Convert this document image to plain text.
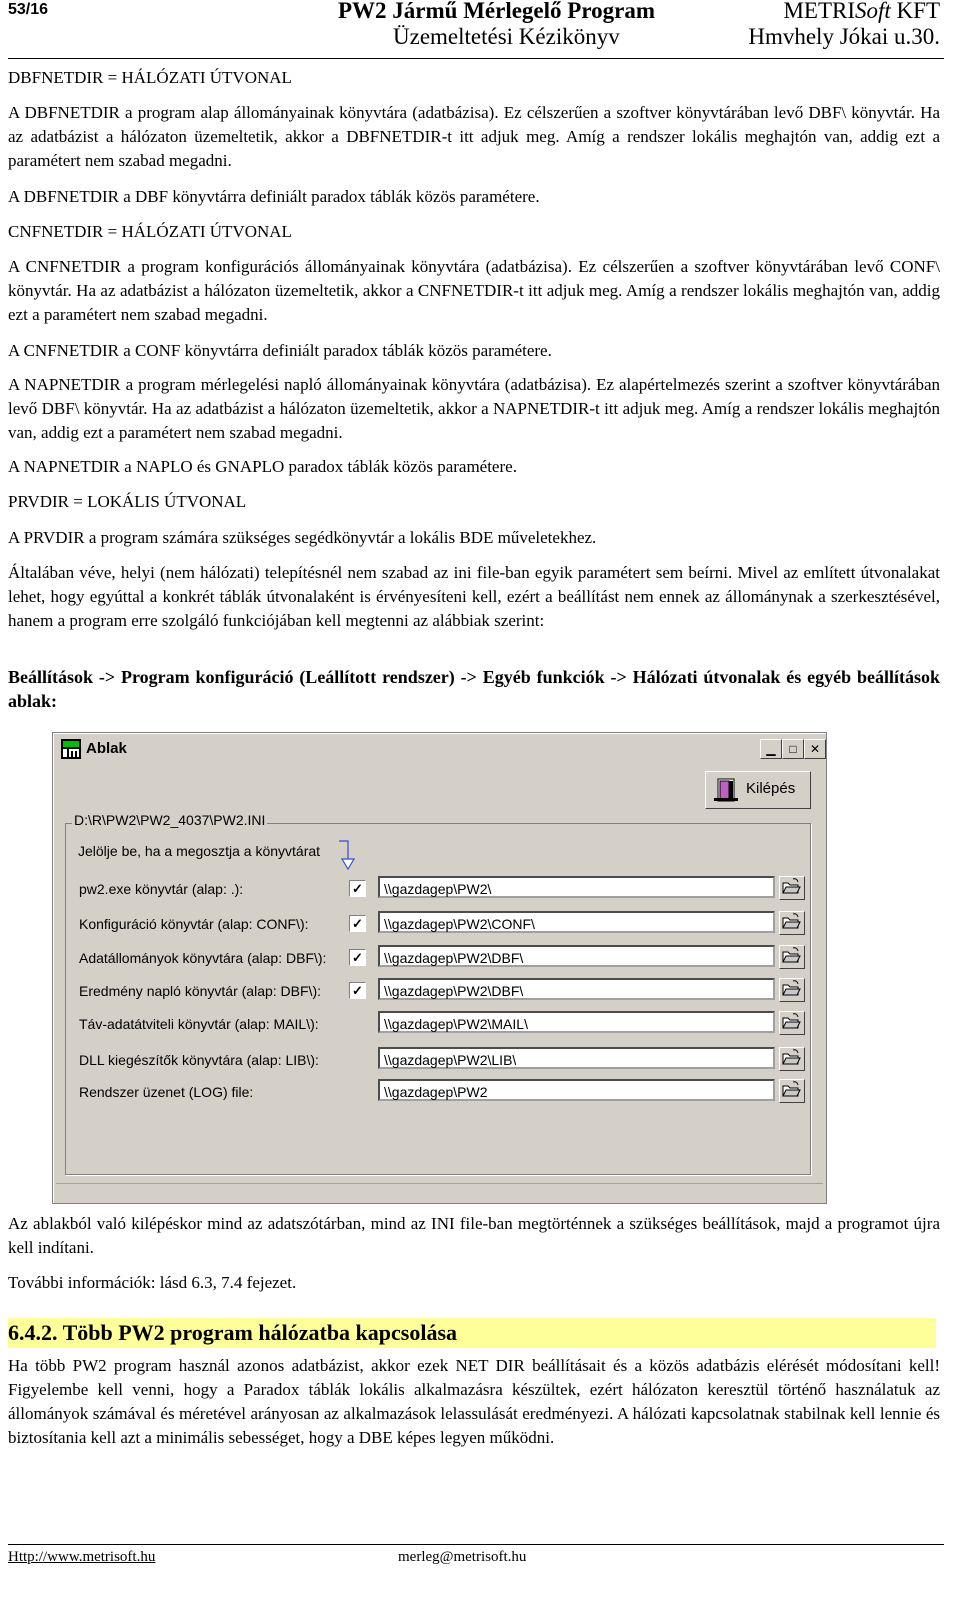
53/16	PW2 Jármű Mérlegelő Program
Üzemeltetési Kézikönyv
METRISoft KFT
Hmvhely Jókai u.30.

DBFNETDIR = HÁLÓZATI ÚTVONAL

A DBFNETDIR a program alap állományainak könyvtára (adatbázisa). Ez célszerűen a szoftver könyvtárában levő DBF\ könyvtár. Ha az adatbázist a hálózaton üzemeltetik, akkor a DBFNETDIR-t itt adjuk meg. Amíg a rendszer lokális meghajtón van, addig ezt a paramétert nem szabad megadni.

A DBFNETDIR a DBF könyvtárra definiált paradox táblák közös paramétere.

CNFNETDIR = HÁLÓZATI ÚTVONAL

A CNFNETDIR a program konfigurációs állományainak könyvtára (adatbázisa). Ez célszerűen a szoftver könyvtárában levő CONF\ könyvtár. Ha az adatbázist a hálózaton üzemeltetik, akkor a CNFNETDIR-t itt adjuk meg. Amíg a rendszer lokális meghajtón van, addig ezt a paramétert nem szabad megadni.

A CNFNETDIR a CONF könyvtárra definiált paradox táblák közös paramétere.

A NAPNETDIR a program mérlegelési napló állományainak könyvtára (adatbázisa). Ez alapértelmezés szerint a szoftver könyvtárában levő DBF\ könyvtár. Ha az adatbázist a hálózaton üzemeltetik, akkor a NAPNETDIR-t itt adjuk meg. Amíg a rendszer lokális meghajtón van, addig ezt a paramétert nem szabad megadni.

A NAPNETDIR a NAPLO és GNAPLO paradox táblák közös paramétere.

PRVDIR = LOKÁLIS ÚTVONAL

A PRVDIR a program számára szükséges segédkönyvtár a lokális BDE műveletekhez.

Általában véve, helyi (nem hálózati) telepítésnél nem szabad az ini file-ban egyik paramétert sem beírni. Mivel az említett útvonalakat lehet, hogy egyúttal a konkrét táblák útvonalaként is érvényesíteni kell, ezért a beállítást nem ennek az állománynak a szerkesztésével, hanem a program erre szolgáló funkciójában kell megtenni az alábbiak szerint:

Beállítások -> Program konfiguráció (Leállított rendszer) -> Egyéb funkciók -> Hálózati útvonalak és egyéb beállítások ablak:

Ablak	▁	□	✕
Kilépés
D:\R\PW2\PW2_4037\PW2.INI
Jelölje be, ha a megosztja a könyvtárat
pw2.exe könyvtár (alap: .):	✓	\\gazdagep\PW2\
Konfiguráció könyvtár (alap: CONF\):	✓	\\gazdagep\PW2\CONF\
Adatállományok könyvtára (alap: DBF\): ✓	\\gazdagep\PW2\DBF\
Eredmény napló könyvtár (alap: DBF\): ✓	\\gazdagep\PW2\DBF\
Táv-adatátviteli könyvtár (alap: MAIL\):	\\gazdagep\PW2\MAIL\
DLL kiegészítők könyvtára (alap: LIB\):	\\gazdagep\PW2\LIB\
Rendszer üzenet (LOG) file:	\\gazdagep\PW2

Az ablakból való kilépéskor mind az adatszótárban, mind az INI file-ban megtörténnek a szükséges beállítások, majd a programot újra kell indítani.

További információk: lásd 6.3, 7.4 fejezet.

6.4.2. Több PW2 program hálózatba kapcsolása

Ha több PW2 program használ azonos adatbázist, akkor ezek NET DIR beállításait és a közös adatbázis elérését módosítani kell! Figyelembe kell venni, hogy a Paradox táblák lokális alkalmazásra készültek, ezért hálózaton keresztül történő használatuk az állományok számával és méretével arányosan az alkalmazások lelassulását eredményezi. A hálózati kapcsolatnak stabilnak kell lennie és biztosítania kell azt a minimális sebességet, hogy a DBE képes legyen működni.

Http://www.metrisoft.hu	merleg@metrisoft.hu
